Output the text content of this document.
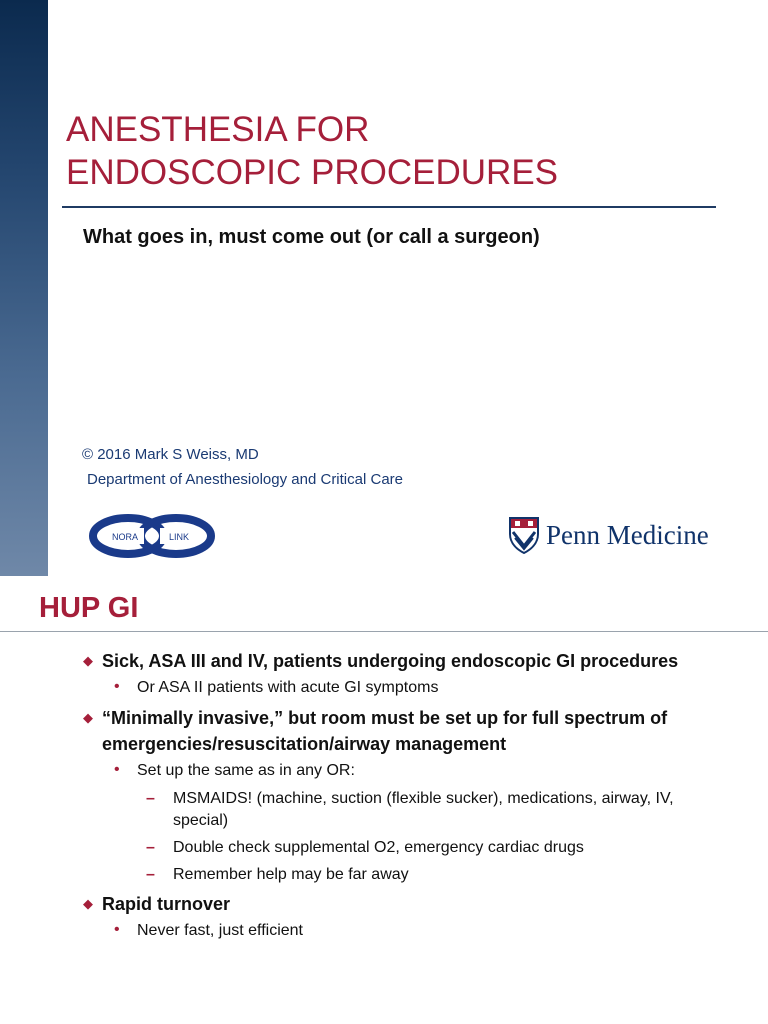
ANESTHESIA FOR
ENDOSCOPIC PROCEDURES

What goes in, must come out (or call a surgeon)

© 2016 Mark S Weiss, MD
Department of Anesthesiology and Critical Care
NORA	LINK	Penn Medicine
HUP GI
◆ Sick, ASA III and IV, patients undergoing endoscopic GI procedures
• Or ASA II patients with acute GI symptoms
◆ “Minimally invasive,” but room must be set up for full spectrum of emergencies/resuscitation/airway management
• Set up the same as in any OR:
– MSMAIDS! (machine, suction (flexible sucker), medications, airway, IV, special)
– Double check supplemental O2, emergency cardiac drugs
– Remember help may be far away
◆ Rapid turnover
• Never fast, just efficient
